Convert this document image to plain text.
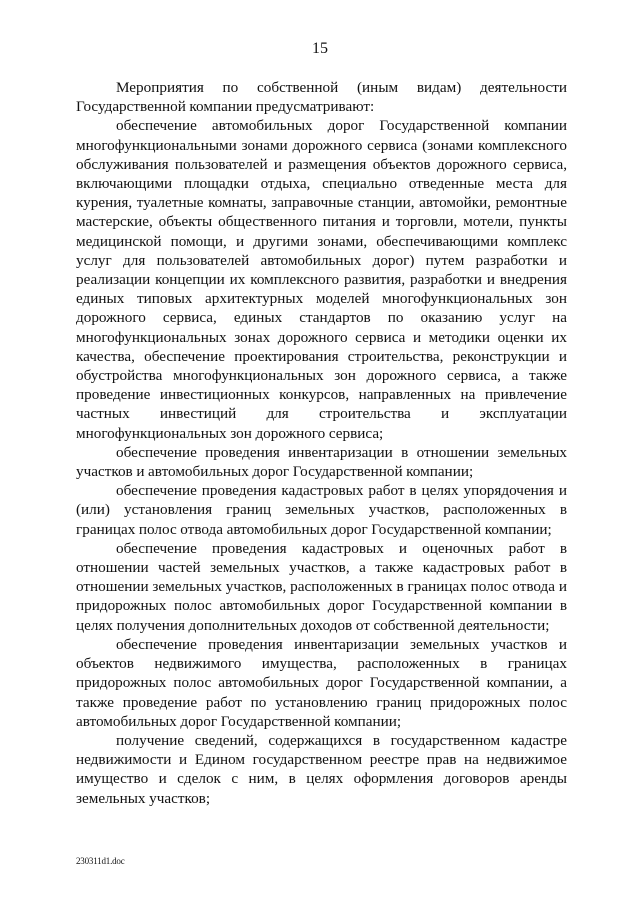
15

Мероприятия по собственной (иным видам) деятельности Государственной компании предусматривают:

обеспечение автомобильных дорог Государственной компании многофункциональными зонами дорожного сервиса (зонами комплексного обслуживания пользователей и размещения объектов дорожного сервиса, включающими площадки отдыха, специально отведенные места для курения, туалетные комнаты, заправочные станции, автомойки, ремонтные мастерские, объекты общественного питания и торговли, мотели, пункты медицинской помощи, и другими зонами, обеспечивающими комплекс услуг для пользователей автомобильных дорог) путем разработки и реализации концепции их комплексного развития, разработки и внедрения единых типовых архитектурных моделей многофункциональных зон дорожного сервиса, единых стандартов по оказанию услуг на многофункциональных зонах дорожного сервиса и методики оценки их качества, обеспечение проектирования строительства, реконструкции и обустройства многофункциональных зон дорожного сервиса, а также проведение инвестиционных конкурсов, направленных на привлечение частных инвестиций для строительства и эксплуатации многофункциональных зон дорожного сервиса;

обеспечение проведения инвентаризации в отношении земельных участков и автомобильных дорог Государственной компании;

обеспечение проведения кадастровых работ в целях упорядочения и (или) установления границ земельных участков, расположенных в границах полос отвода автомобильных дорог Государственной компании;

обеспечение проведения кадастровых и оценочных работ в отношении частей земельных участков, а также кадастровых работ в отношении земельных участков, расположенных в границах полос отвода и придорожных полос автомобильных дорог Государственной компании в целях получения дополнительных доходов от собственной деятельности;

обеспечение проведения инвентаризации земельных участков и объектов недвижимого имущества, расположенных в границах придорожных полос автомобильных дорог Государственной компании, а также проведение работ по установлению границ придорожных полос автомобильных дорог Государственной компании;

получение сведений, содержащихся в государственном кадастре недвижимости и Едином государственном реестре прав на недвижимое имущество и сделок с ним, в целях оформления договоров аренды земельных участков;

230311d1.doc
